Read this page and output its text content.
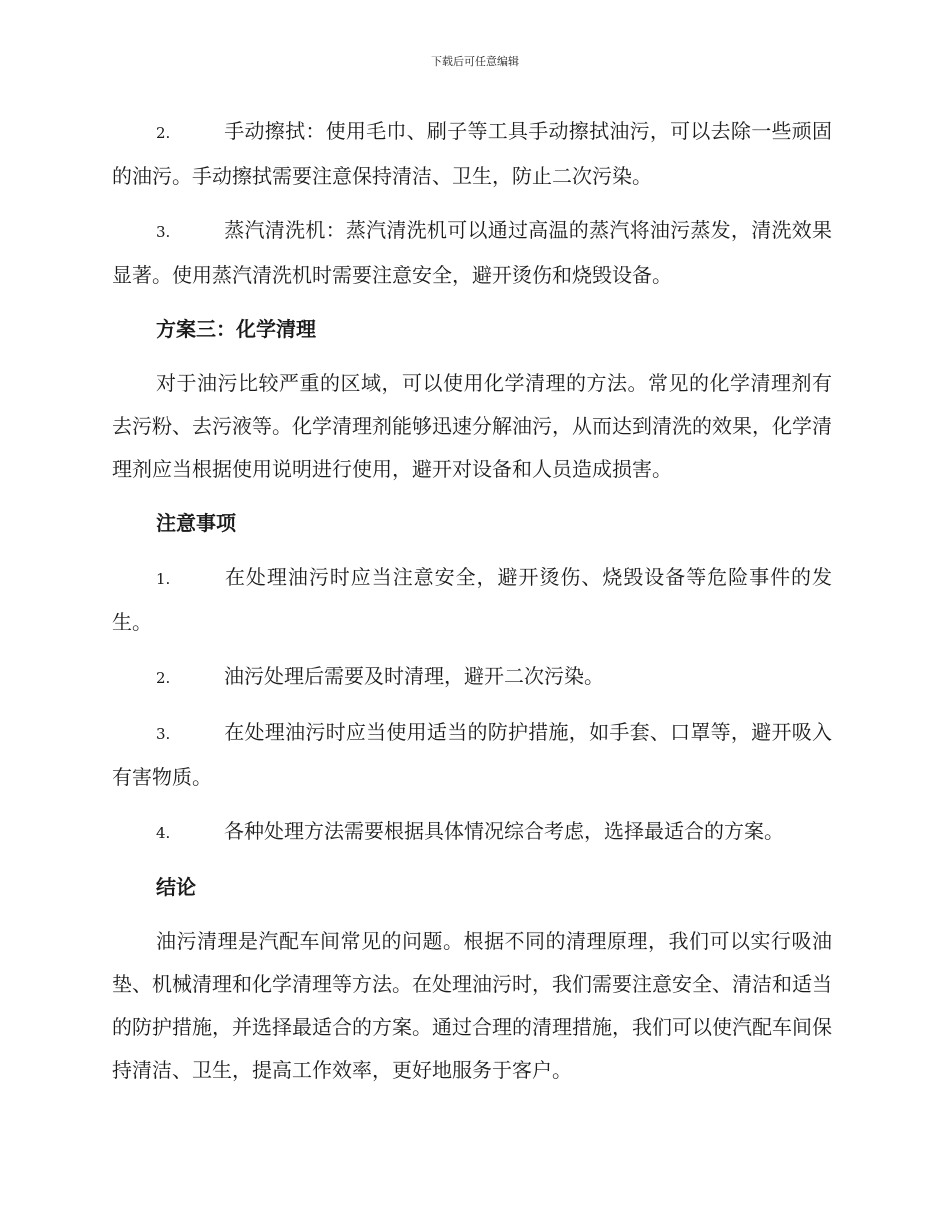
下载后可任意编辑
2.	手动擦拭：使用毛巾、刷子等工具手动擦拭油污，可以去除一些顽固的油污。手动擦拭需要注意保持清洁、卫生，防止二次污染。
3.	蒸汽清洗机：蒸汽清洗机可以通过高温的蒸汽将油污蒸发，清洗效果显著。使用蒸汽清洗机时需要注意安全，避开烫伤和烧毁设备。
方案三：化学清理
对于油污比较严重的区域，可以使用化学清理的方法。常见的化学清理剂有去污粉、去污液等。化学清理剂能够迅速分解油污，从而达到清洗的效果，化学清理剂应当根据使用说明进行使用，避开对设备和人员造成损害。
注意事项
1.	在处理油污时应当注意安全，避开烫伤、烧毁设备等危险事件的发生。
2.	油污处理后需要及时清理，避开二次污染。
3.	在处理油污时应当使用适当的防护措施，如手套、口罩等，避开吸入有害物质。
4.	各种处理方法需要根据具体情况综合考虑，选择最适合的方案。
结论
油污清理是汽配车间常见的问题。根据不同的清理原理，我们可以实行吸油垫、机械清理和化学清理等方法。在处理油污时，我们需要注意安全、清洁和适当的防护措施，并选择最适合的方案。通过合理的清理措施，我们可以使汽配车间保持清洁、卫生，提高工作效率，更好地服务于客户。
